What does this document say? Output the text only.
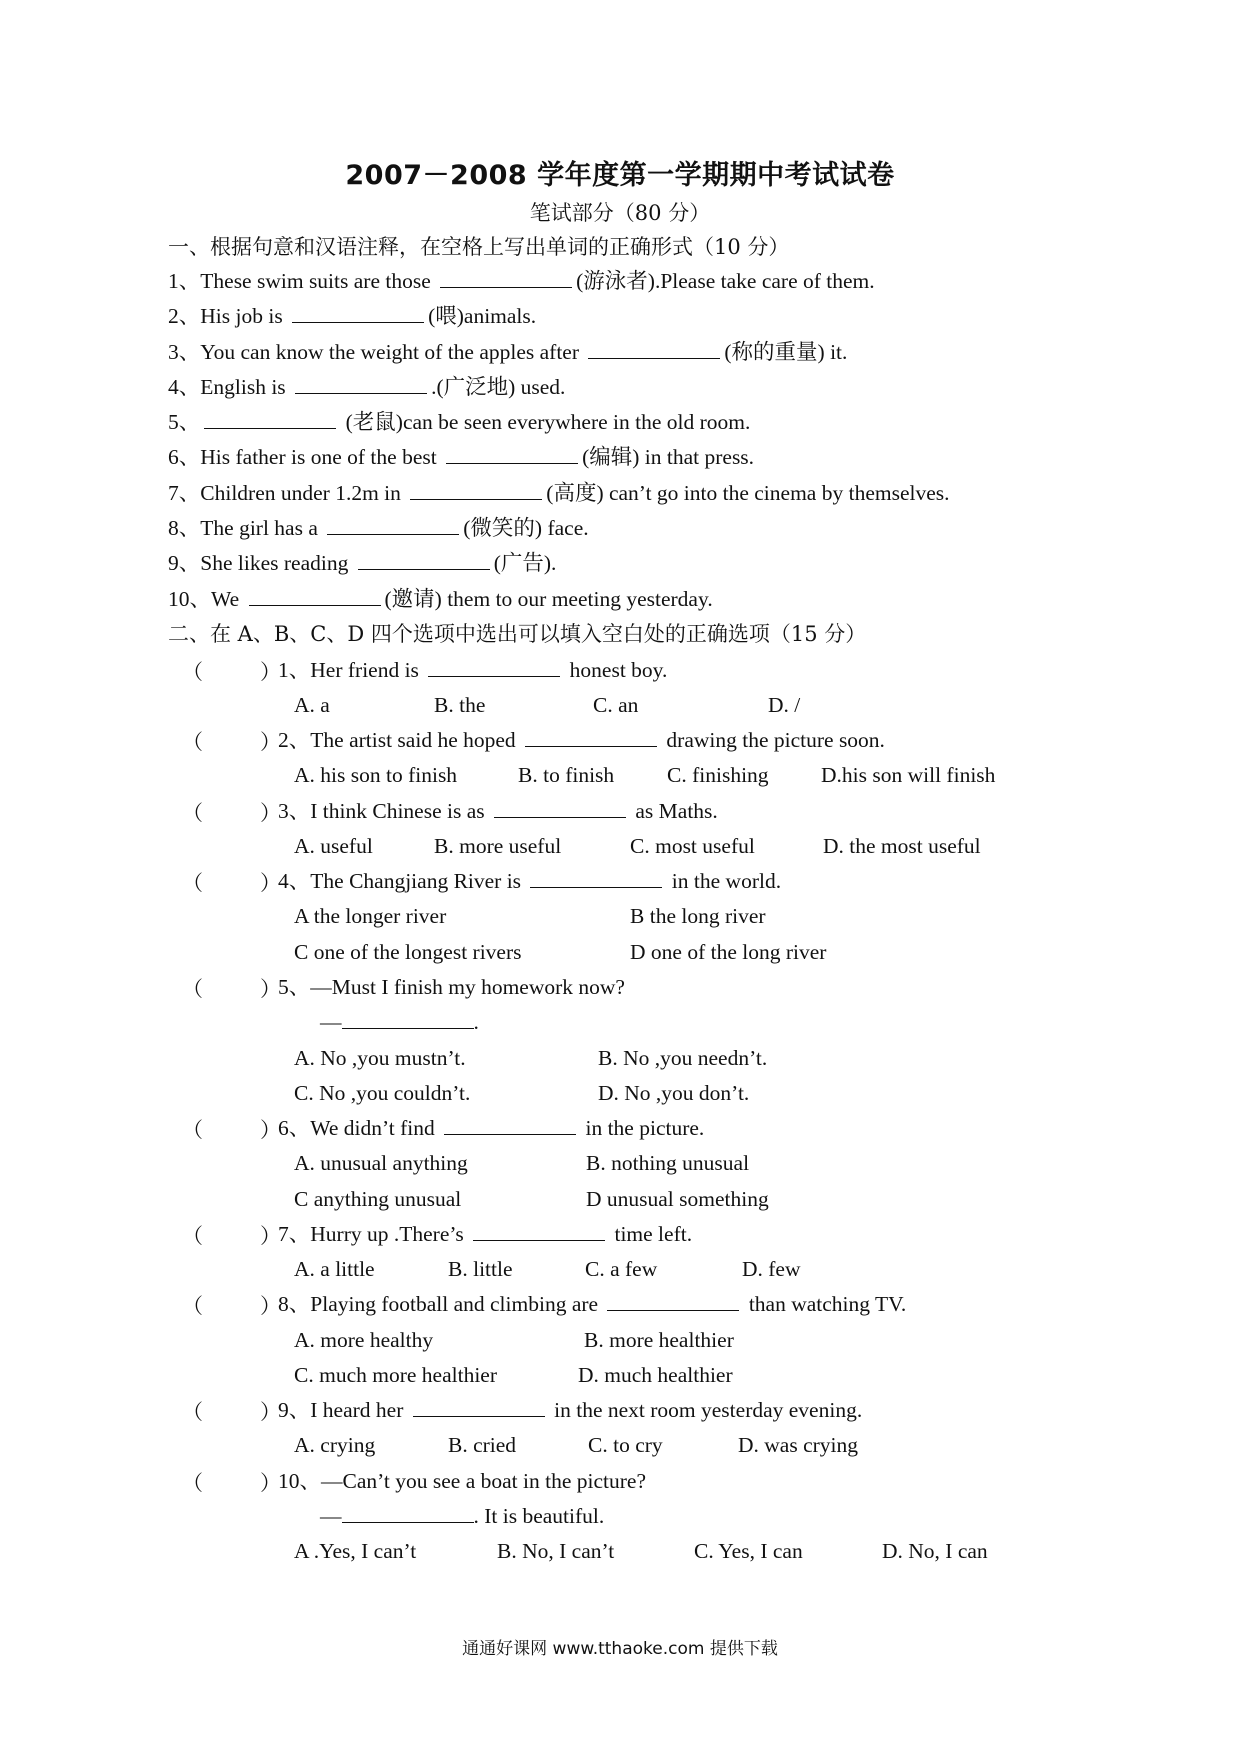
2007－2008 学年度第一学期期中考试试卷
笔试部分（80 分）
一、根据句意和汉语注释，在空格上写出单词的正确形式（10 分）
1、These swim suits are those	(游泳者).Please take care of them.
2、His job is	(喂)animals.
3、You can know the weight of the apples after	(称的重量) it.
4、English is	.(广泛地) used.
5、	(老鼠)can be seen everywhere in the old room.
6、His father is one of the best	(编辑) in that press.
7、Children under 1.2m in	(高度) can’t go into the cinema by themselves.
8、The girl has a	(微笑的) face.
9、She likes reading	(广告).
10、We	(邀请) them to our meeting yesterday.
二、在 A、B、C、D 四个选项中选出可以填入空白处的正确选项（15 分）
（	）
1、Her friend is	honest boy.
A. a	B. the	C. an	D. /
（	）
2、The artist said he hoped	drawing the picture soon.
A. his son to finish	B. to finish C. finishing D.his son will finish
（	）
3、I think Chinese is as	as Maths.
A. useful	B. more useful	C. most useful	D. the most useful
（	）
4、The Changjiang River is	in the world.
A the longer river	B the long river
C one of the longest rivers	D one of the long river
（	）
5、—Must I finish my homework now?
—	.
A. No ,you mustn’t.	B. No ,you needn’t.
C. No ,you couldn’t.	D. No ,you don’t.
（	）
6、We didn’t find	in the picture.
A. unusual anything	B. nothing unusual
C anything unusual	D unusual something
（	）
7、Hurry up .There’s	time left.
A. a little	B. little	C. a few	D. few
（	）
8、Playing football and climbing are	than watching TV.
A. more healthy	B. more healthier
C. much more healthier	D. much healthier
（	）
9、I heard her	in the next room yesterday evening.
A. crying	B. cried	C. to cry	D. was crying
（	）
10、—Can’t you see a boat in the picture?
—	. It is beautiful.
A .Yes, I can’t	B. No, I can’t	C. Yes, I can	D. No, I can
通通好课网 www.tthaoke.com 提供下载
